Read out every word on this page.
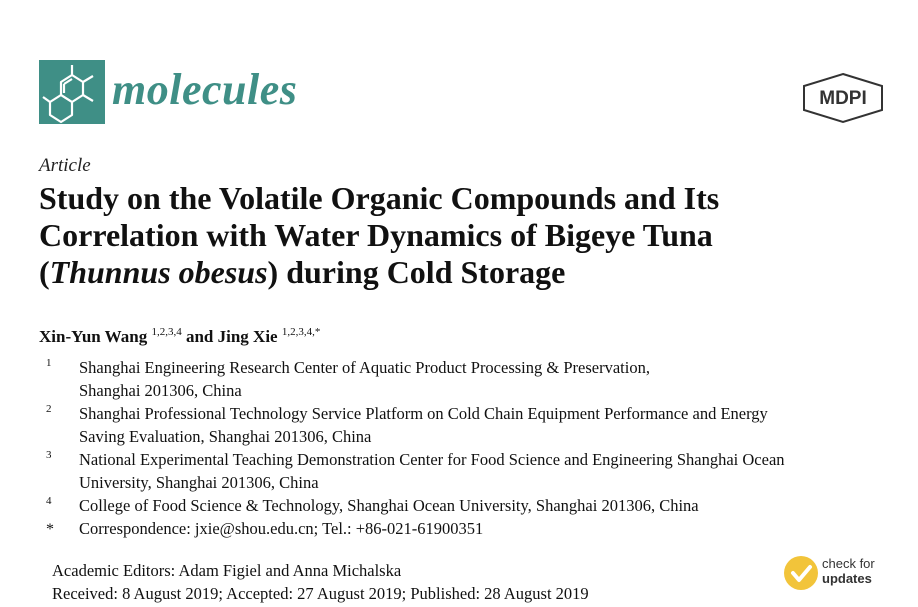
molecules	MDPI
Article
Study on the Volatile Organic Compounds and Its
Correlation with Water Dynamics of Bigeye Tuna
(Thunnus obesus) during Cold Storage
Xin-Yun Wang $^{1,2,3,4}$ and Jing Xie $^{1,2,3,4,*}$
1 Shanghai Engineering Research Center of Aquatic Product Processing & Preservation,
Shanghai 201306, China
2 Shanghai Professional Technology Service Platform on Cold Chain Equipment Performance and Energy
Saving Evaluation, Shanghai 201306, China
3 National Experimental Teaching Demonstration Center for Food Science and Engineering Shanghai Ocean
University, Shanghai 201306, China
4 College of Food Science & Technology, Shanghai Ocean University, Shanghai 201306, China
* Correspondence: jxie@shou.edu.cn; Tel.: +86-021-61900351
Academic Editors: Adam Figiel and Anna Michalska
Received: 8 August 2019; Accepted: 27 August 2019; Published: 28 August 2019
check for
updates
